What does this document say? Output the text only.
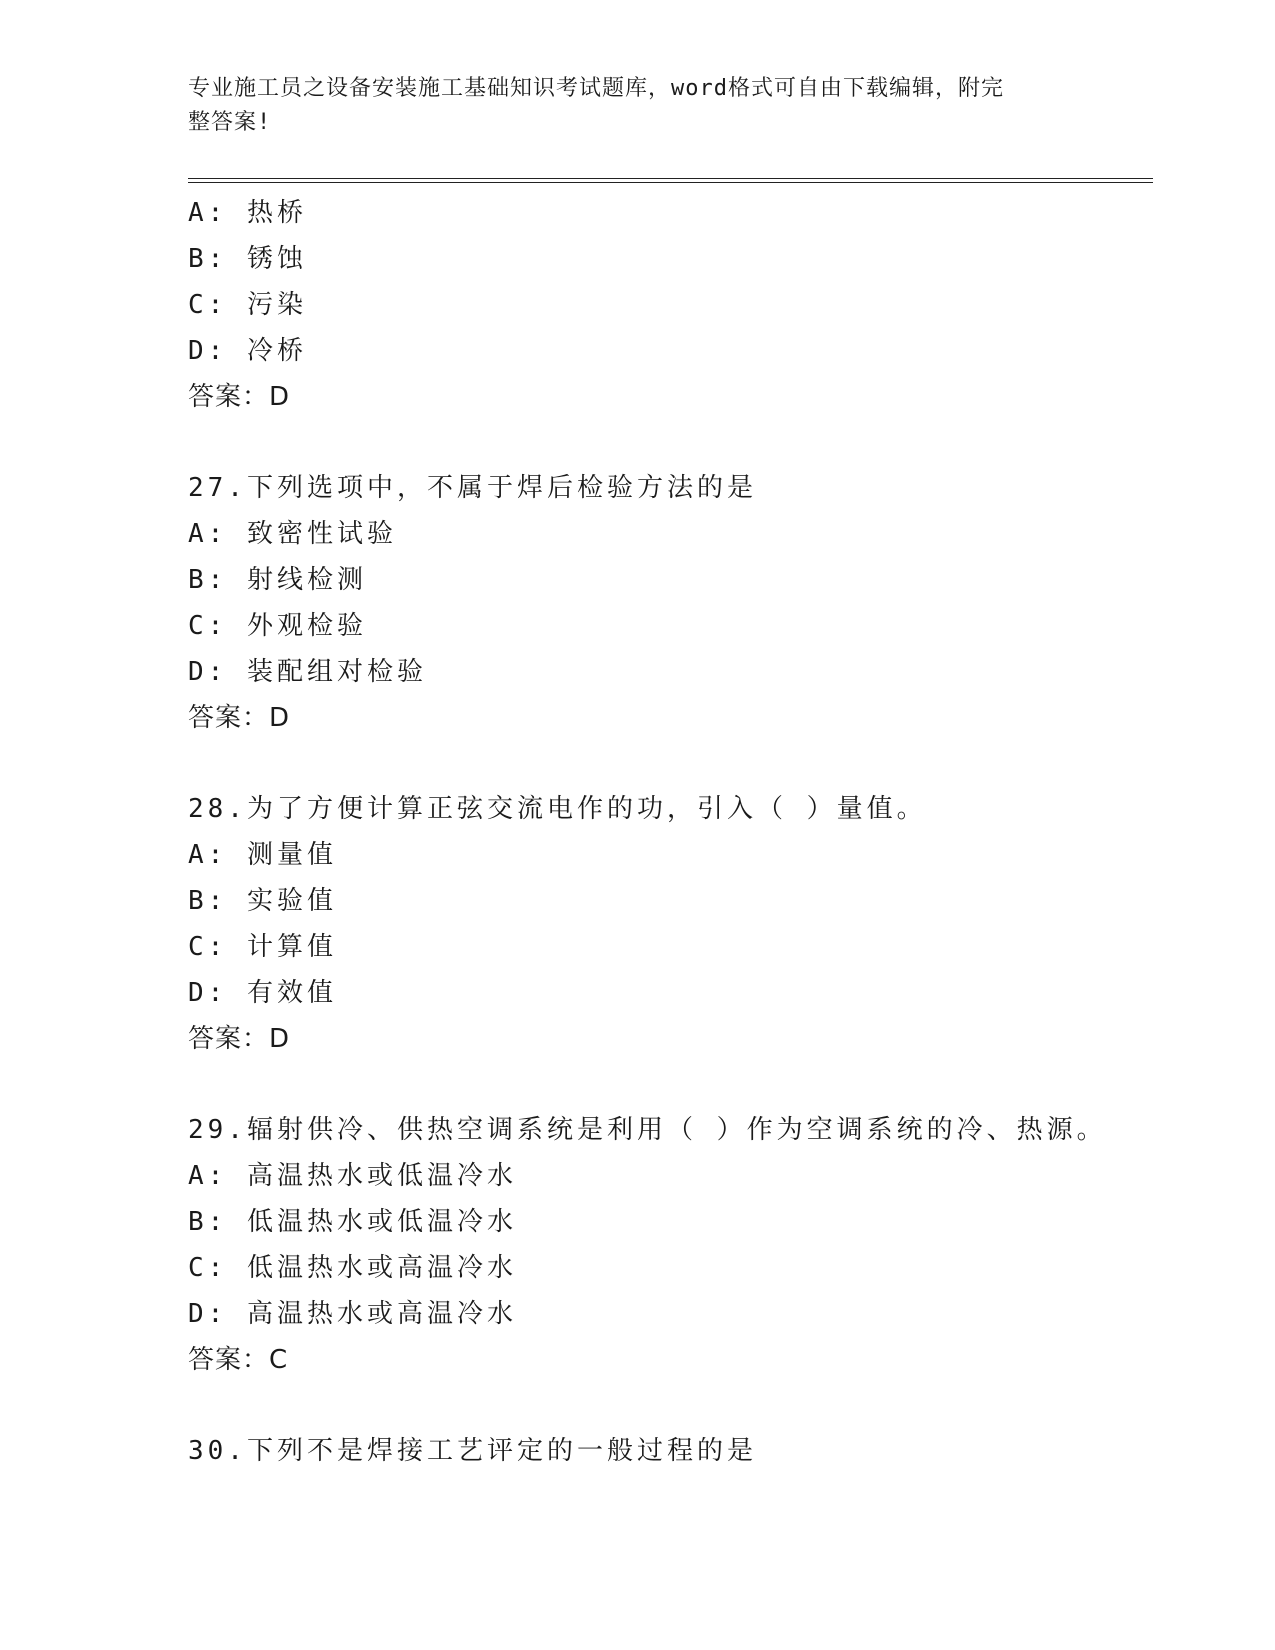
专业施工员之设备安装施工基础知识考试题库，word格式可自由下载编辑，附完
整答案!
A: 热桥
B: 锈蚀
C: 污染
D: 冷桥
答案：D
27.下列选项中，不属于焊后检验方法的是
A: 致密性试验
B: 射线检测
C: 外观检验
D: 装配组对检验
答案：D
28.为了方便计算正弦交流电作的功，引入（ ）量值。
A: 测量值
B: 实验值
C: 计算值
D: 有效值
答案：D
29.辐射供冷、供热空调系统是利用（ ）作为空调系统的冷、热源。
A: 高温热水或低温冷水
B: 低温热水或低温冷水
C: 低温热水或高温冷水
D: 高温热水或高温冷水
答案：C
30.下列不是焊接工艺评定的一般过程的是
